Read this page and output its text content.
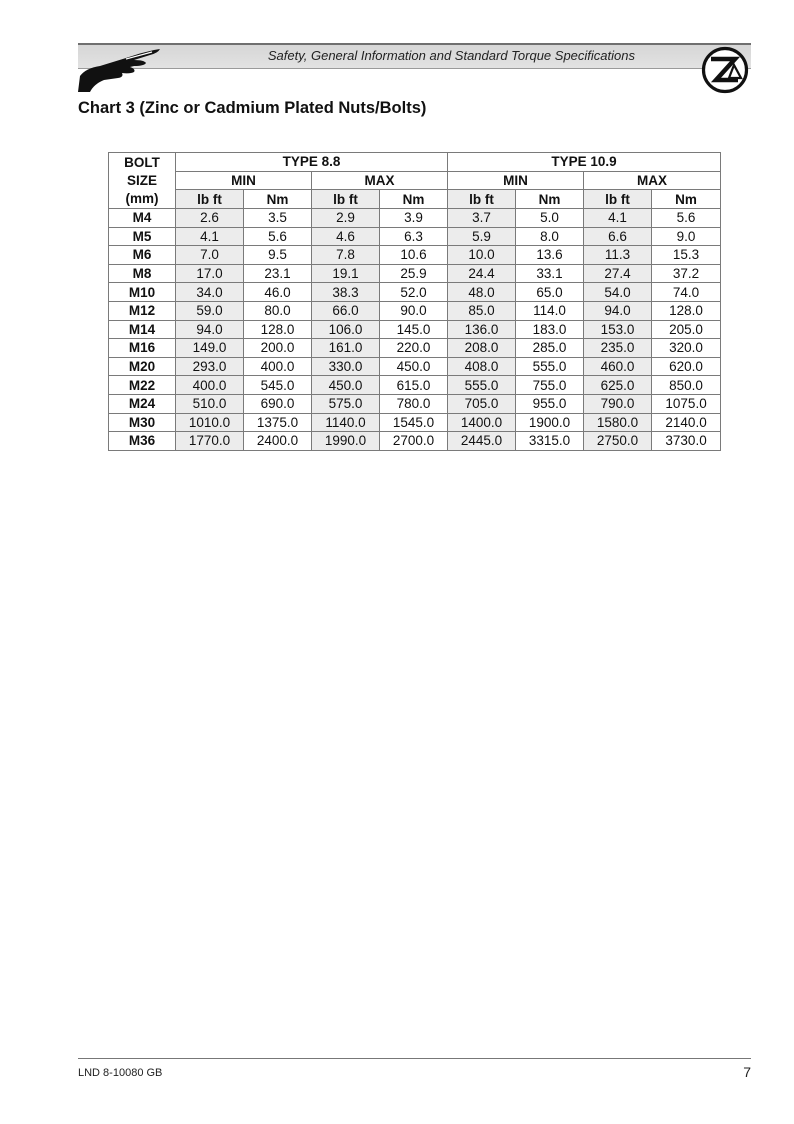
Safety, General Information and Standard Torque Specifications
Chart 3 (Zinc or Cadmium Plated Nuts/Bolts)
BOLT
SIZE
(mm)	TYPE 8.8				TYPE 10.9			
	MIN		MAX		MIN		MAX	
	lb ft	Nm	lb ft	Nm	lb ft	Nm	lb ft	Nm
M4	2.6	3.5	2.9	3.9	3.7	5.0	4.1	5.6
M5	4.1	5.6	4.6	6.3	5.9	8.0	6.6	9.0
M6	7.0	9.5	7.8	10.6	10.0	13.6	11.3	15.3
M8	17.0	23.1	19.1	25.9	24.4	33.1	27.4	37.2
M10	34.0	46.0	38.3	52.0	48.0	65.0	54.0	74.0
M12	59.0	80.0	66.0	90.0	85.0	114.0	94.0	128.0
M14	94.0	128.0	106.0	145.0	136.0	183.0	153.0	205.0
M16	149.0	200.0	161.0	220.0	208.0	285.0	235.0	320.0
M20	293.0	400.0	330.0	450.0	408.0	555.0	460.0	620.0
M22	400.0	545.0	450.0	615.0	555.0	755.0	625.0	850.0
M24	510.0	690.0	575.0	780.0	705.0	955.0	790.0	1075.0
M30	1010.0	1375.0	1140.0	1545.0	1400.0	1900.0	1580.0	2140.0
M36	1770.0	2400.0	1990.0	2700.0	2445.0	3315.0	2750.0	3730.0
LND 8-10080 GB	7
